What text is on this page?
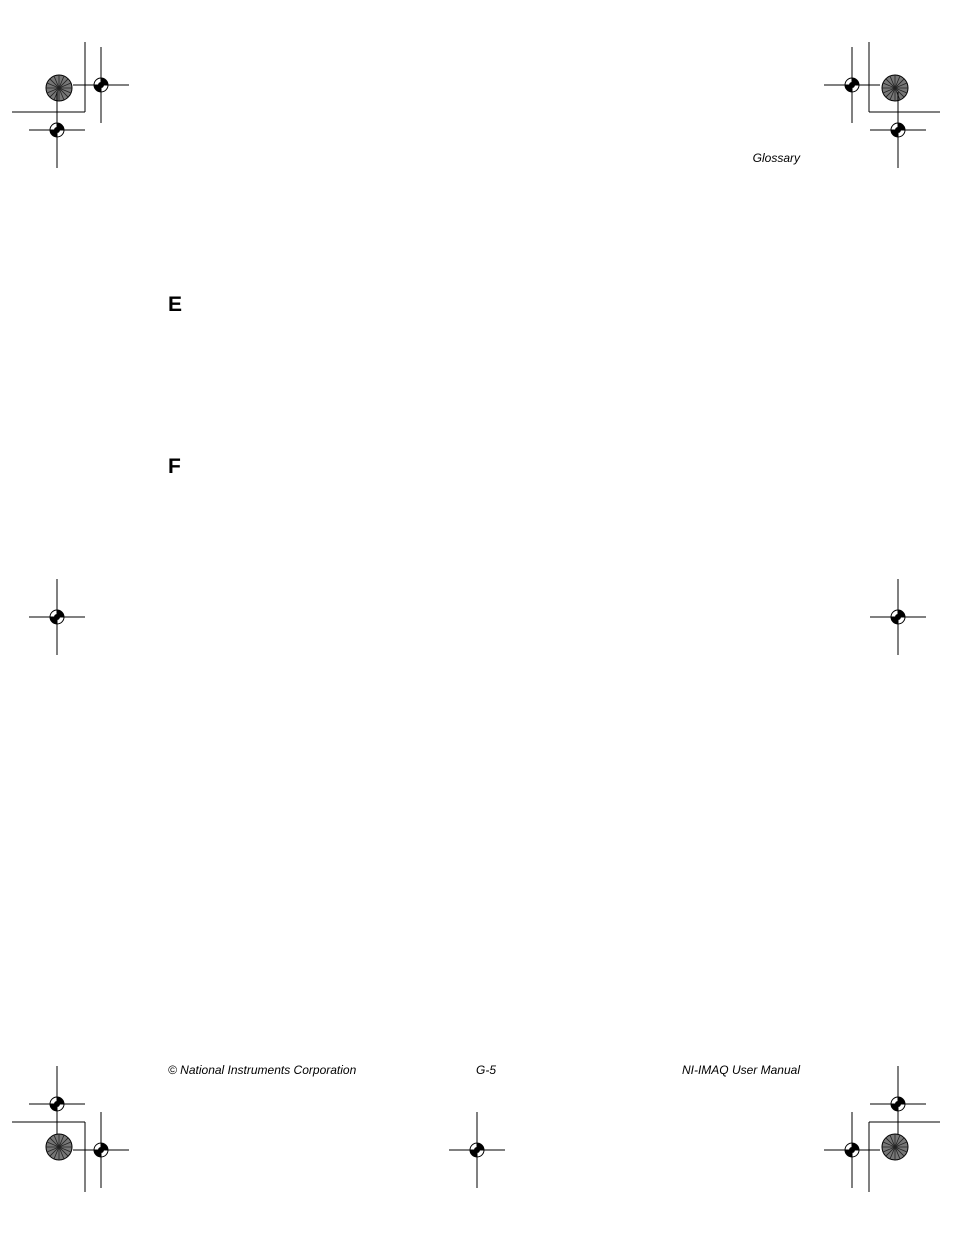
Glossary
E
F
© National Instruments Corporation	G-5	NI-IMAQ User Manual
